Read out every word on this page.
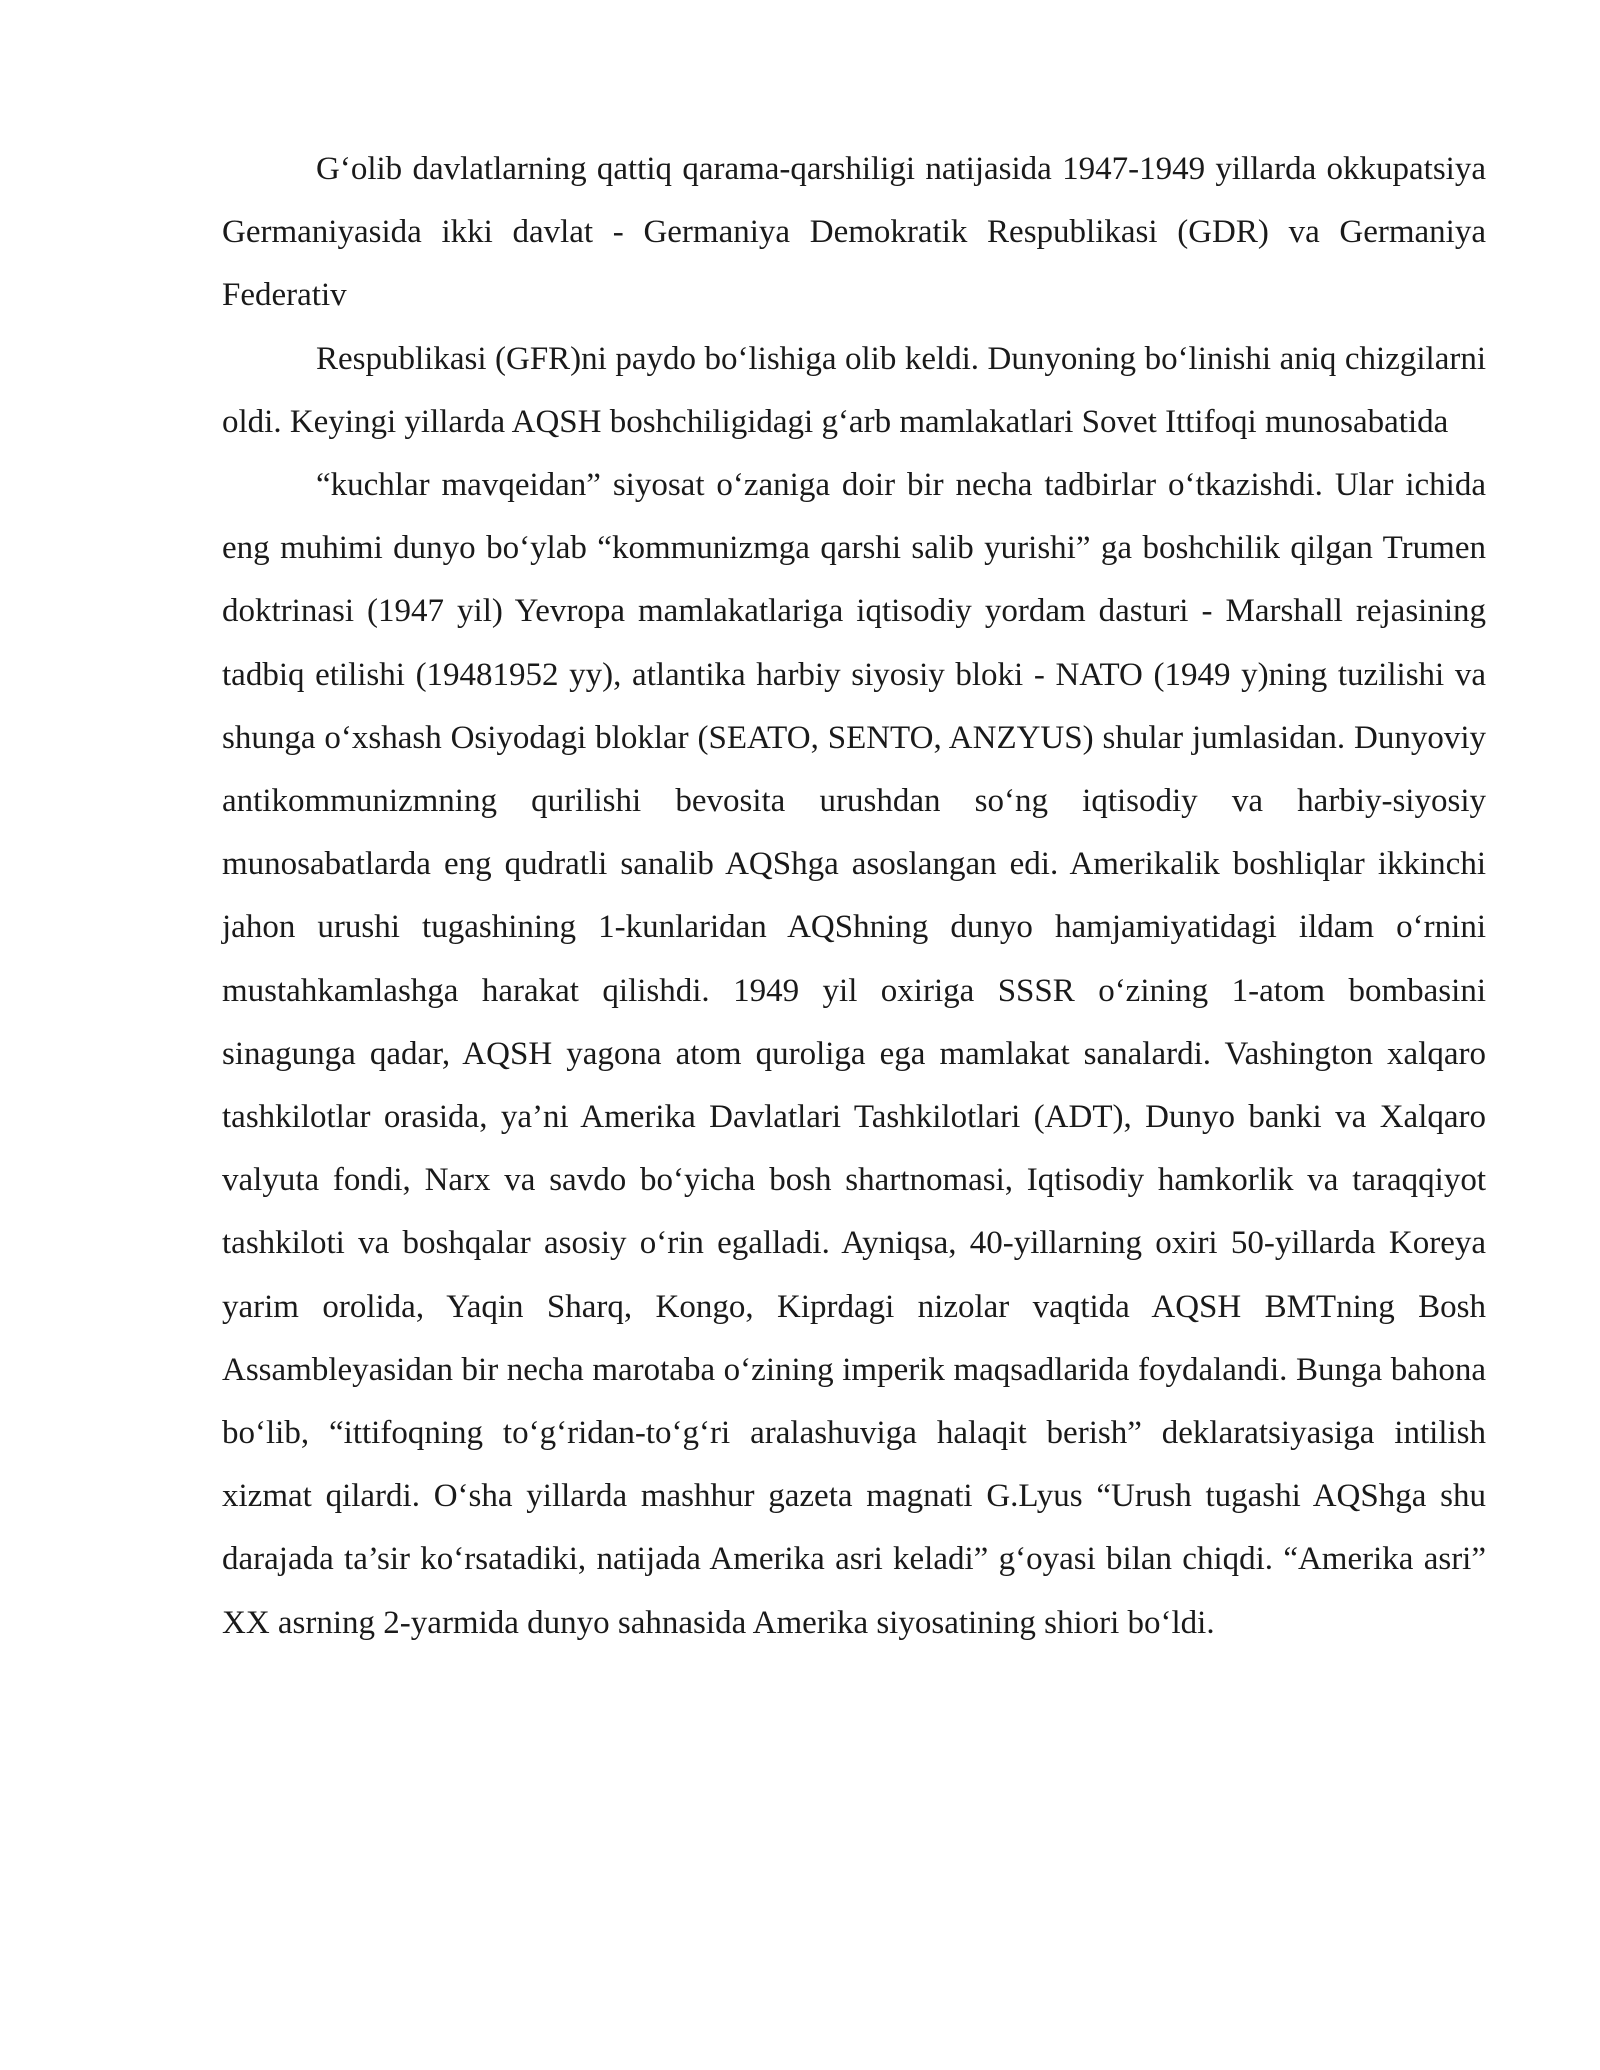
G‘olib davlatlarning qattiq qarama-qarshiligi natijasida 1947-1949 yillarda okkupatsiya Germaniyasida ikki davlat - Germaniya Demokratik Respublikasi (GDR) va Germaniya Federativ

Respublikasi (GFR)ni paydo bo‘lishiga olib keldi. Dunyoning bo‘linishi aniq chizgilarni oldi. Keyingi yillarda AQSH boshchiligidagi g‘arb mamlakatlari Sovet Ittifoqi munosabatida

“kuchlar mavqeidan” siyosat o‘zaniga doir bir necha tadbirlar o‘tkazishdi. Ular ichida eng muhimi dunyo bo‘ylab “kommunizmga qarshi salib yurishi” ga boshchilik qilgan Trumen doktrinasi (1947 yil) Yevropa mamlakatlariga iqtisodiy yordam dasturi - Marshall rejasining tadbiq etilishi (19481952 yy), atlantika harbiy siyosiy bloki - NATO (1949 y)ning tuzilishi va shunga o‘xshash Osiyodagi bloklar (SEATO, SENTO, ANZYUS) shular jumlasidan. Dunyoviy antikommunizmning qurilishi bevosita urushdan so‘ng iqtisodiy va harbiy-siyosiy munosabatlarda eng qudratli sanalib AQShga asoslangan edi. Amerikalik boshliqlar ikkinchi jahon urushi tugashining 1-kunlaridan AQShning dunyo hamjamiyatidagi ildam o‘rnini mustahkamlashga harakat qilishdi. 1949 yil oxiriga SSSR o‘zining 1-atom bombasini sinagunga qadar, AQSH yagona atom quroliga ega mamlakat sanalardi. Vashington xalqaro tashkilotlar orasida, ya’ni Amerika Davlatlari Tashkilotlari (ADT), Dunyo banki va Xalqaro valyuta fondi, Narx va savdo bo‘yicha bosh shartnomasi, Iqtisodiy hamkorlik va taraqqiyot tashkiloti va boshqalar asosiy o‘rin egalladi. Ayniqsa, 40-yillarning oxiri 50-yillarda Koreya yarim orolida, Yaqin Sharq, Kongo, Kiprdagi nizolar vaqtida AQSH BMTning Bosh Assambleyasidan bir necha marotaba o‘zining imperik maqsadlarida foydalandi. Bunga bahona bo‘lib, “ittifoqning to‘g‘ridan-to‘g‘ri aralashuviga halaqit berish” deklaratsiyasiga intilish xizmat qilardi. O‘sha yillarda mashhur gazeta magnati G.Lyus “Urush tugashi AQShga shu darajada ta’sir ko‘rsatadiki, natijada Amerika asri keladi” g‘oyasi bilan chiqdi. “Amerika asri” XX asrning 2-yarmida dunyo sahnasida Amerika siyosatining shiori bo‘ldi.
